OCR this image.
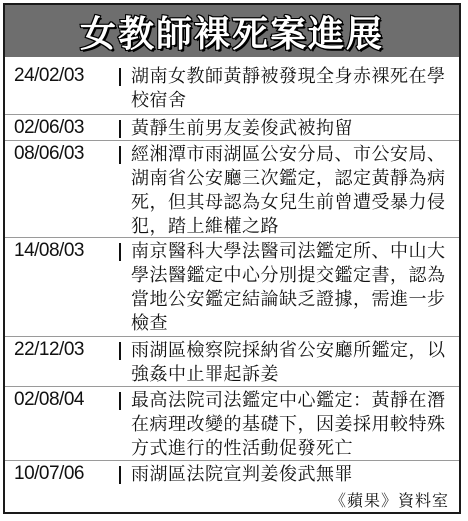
女教師裸死案進展
24/02/03	湖南女教師黃靜被發現全身赤裸死在學校宿舍
02/06/03	黃靜生前男友姜俊武被拘留
08/06/03	經湘潭市雨湖區公安分局、市公安局、湖南省公安廳三次鑑定，認定黃靜為病死，但其母認為女兒生前曾遭受暴力侵犯，踏上維權之路
14/08/03	南京醫科大學法醫司法鑑定所、中山大學法醫鑑定中心分別提交鑑定書，認為當地公安鑑定結論缺乏證據，需進一步檢查
22/12/03	雨湖區檢察院採納省公安廳所鑑定，以強姦中止罪起訴姜
02/08/04	最高法院司法鑑定中心鑑定：黃靜在潛在病理改變的基礎下，因姜採用較特殊方式進行的性活動促發死亡
10/07/06	雨湖區法院宣判姜俊武無罪
《蘋果》資料室
